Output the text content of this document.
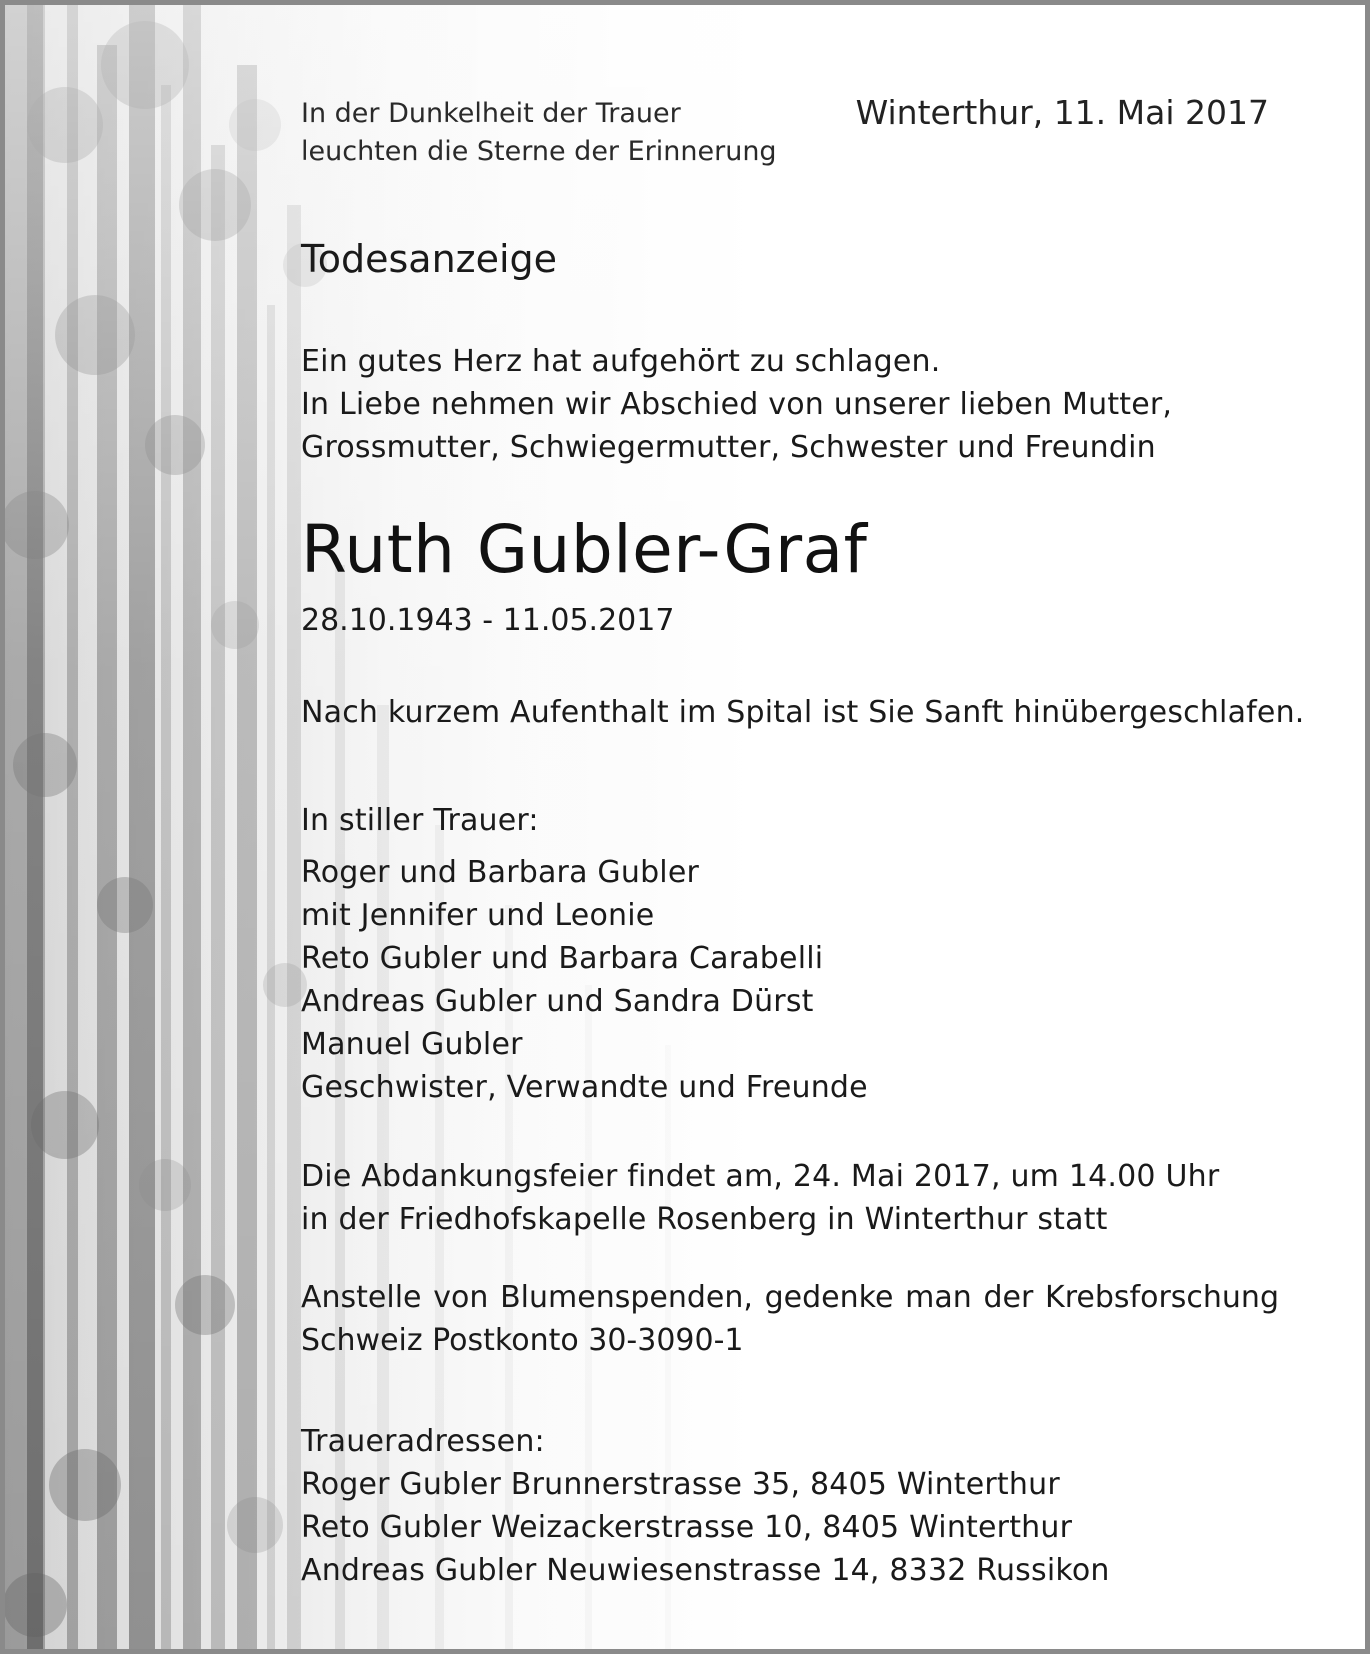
In der Dunkelheit der Trauer
leuchten die Sterne der Erinnerung
Winterthur, 11. Mai 2017
Todesanzeige
Ein gutes Herz hat aufgehört zu schlagen.
In Liebe nehmen wir Abschied von unserer lieben Mutter,
Grossmutter, Schwiegermutter, Schwester und Freundin
Ruth Gubler-Graf
28.10.1943 - 11.05.2017
Nach kurzem Aufenthalt im Spital ist Sie Sanft hinübergeschlafen.
In stiller Trauer:
Roger und Barbara Gubler
mit Jennifer und Leonie
Reto Gubler und Barbara Carabelli
Andreas Gubler und Sandra Dürst
Manuel Gubler
Geschwister, Verwandte und Freunde
Die Abdankungsfeier findet am, 24. Mai 2017, um 14.00 Uhr
in der Friedhofskapelle Rosenberg in Winterthur statt
Anstelle von Blumenspenden, gedenke man der Krebsforschung Schweiz Postkonto 30-3090-1
Traueradressen:
Roger Gubler Brunnerstrasse 35, 8405 Winterthur
Reto Gubler Weizackerstrasse 10, 8405 Winterthur
Andreas Gubler Neuwiesenstrasse 14, 8332 Russikon
